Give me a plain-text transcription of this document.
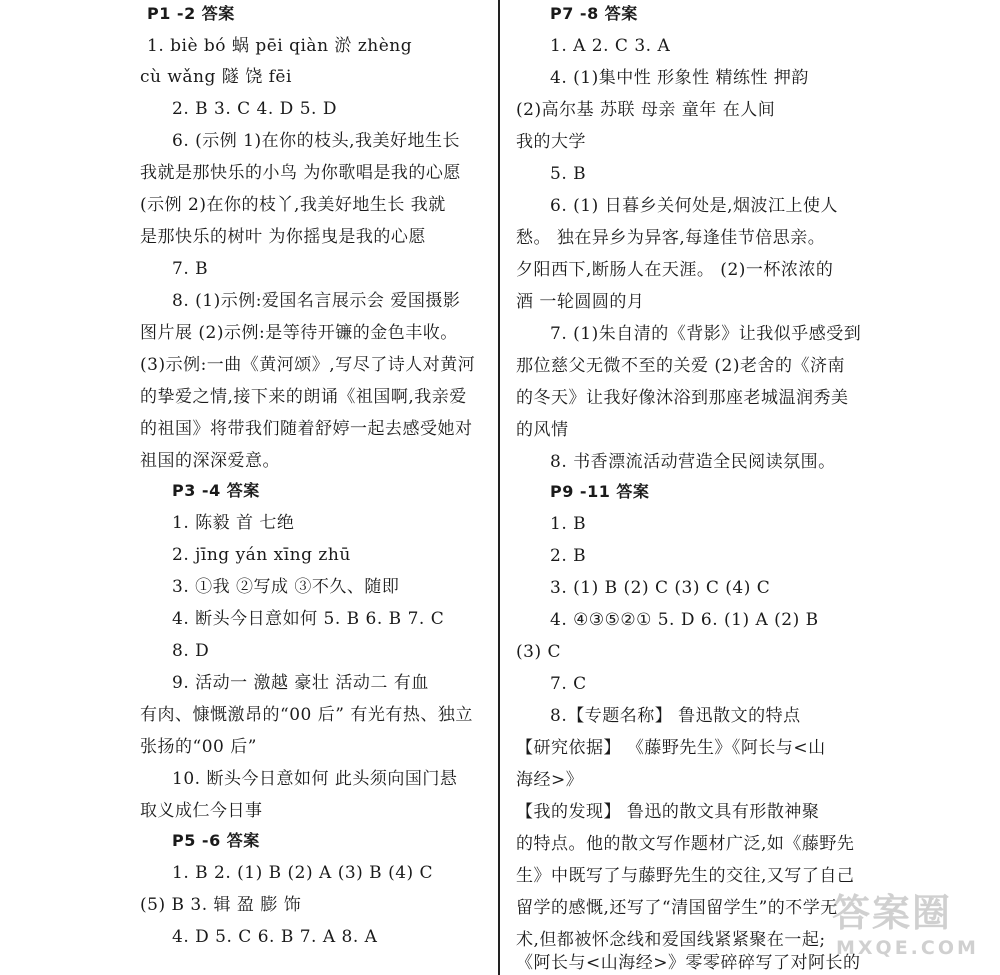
P1 -2 答案
1. biè bó 蜗 pēi qiàn 淤 zhèng
cù wǎng 隧 饶 fēi
2. B 3. C 4. D 5. D
6. (示例 1)在你的枝头,我美好地生长
我就是那快乐的小鸟 为你歌唱是我的心愿
(示例 2)在你的枝丫,我美好地生长 我就
是那快乐的树叶 为你摇曳是我的心愿
7. B
8. (1)示例:爱国名言展示会 爱国摄影
图片展 (2)示例:是等待开镰的金色丰收。
(3)示例:一曲《黄河颂》,写尽了诗人对黄河
的挚爱之情,接下来的朗诵《祖国啊,我亲爱
的祖国》将带我们随着舒婷一起去感受她对
祖国的深深爱意。
P3 -4 答案
1. 陈毅 首 七绝
2. jīng yán xīng zhū
3. ①我 ②写成 ③不久、随即
4. 断头今日意如何 5. B 6. B 7. C
8. D
9. 活动一 激越 豪壮 活动二 有血
有肉、慷慨激昂的“00 后” 有光有热、独立
张扬的“00 后”
10. 断头今日意如何 此头须向国门悬
取义成仁今日事
P5 -6 答案
1. B 2. (1) B (2) A (3) B (4) C
(5) B 3. 辑 盈 膨 饰
4. D 5. C 6. B 7. A 8. A
P7 -8 答案
1. A 2. C 3. A
4. (1)集中性 形象性 精练性 押韵
(2)高尔基 苏联 母亲 童年 在人间
我的大学
5. B
6. (1) 日暮乡关何处是,烟波江上使人
愁。 独在异乡为异客,每逢佳节倍思亲。
夕阳西下,断肠人在天涯。 (2)一杯浓浓的
酒 一轮圆圆的月
7. (1)朱自清的《背影》让我似乎感受到
那位慈父无微不至的关爱 (2)老舍的《济南
的冬天》让我好像沐浴到那座老城温润秀美
的风情
8. 书香漂流活动营造全民阅读氛围。
P9 -11 答案
1. B
2. B
3. (1) B (2) C (3) C (4) C
4. ④③⑤②① 5. D 6. (1) A (2) B
(3) C
7. C
8.【专题名称】 鲁迅散文的特点
【研究依据】 《藤野先生》《阿长与<山
海经>》
【我的发现】 鲁迅的散文具有形散神聚
的特点。他的散文写作题材广泛,如《藤野先
生》中既写了与藤野先生的交往,又写了自己
留学的感慨,还写了“清国留学生”的不学无
术,但都被怀念线和爱国线紧紧聚在一起;
《阿长与<山海经>》零零碎碎写了对阿长的
答案圈
MXQE.COM
